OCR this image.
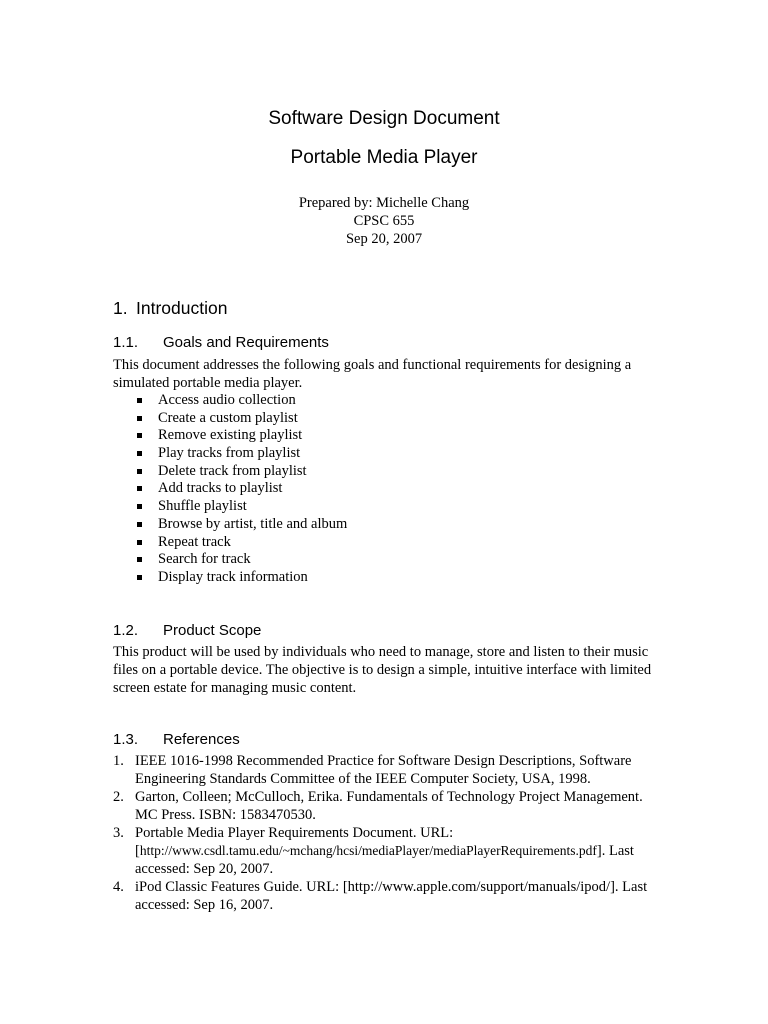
Software Design Document
Portable Media Player
Prepared by: Michelle Chang
CPSC 655
Sep 20, 2007
1. Introduction
1.1. Goals and Requirements
This document addresses the following goals and functional requirements for designing a simulated portable media player.
Access audio collection
Create a custom playlist
Remove existing playlist
Play tracks from playlist
Delete track from playlist
Add tracks to playlist
Shuffle playlist
Browse by artist, title and album
Repeat track
Search for track
Display track information
1.2. Product Scope
This product will be used by individuals who need to manage, store and listen to their music files on a portable device. The objective is to design a simple, intuitive interface with limited screen estate for managing music content.
1.3. References
1. IEEE 1016-1998 Recommended Practice for Software Design Descriptions, Software Engineering Standards Committee of the IEEE Computer Society, USA, 1998.
2. Garton, Colleen; McCulloch, Erika. Fundamentals of Technology Project Management. MC Press. ISBN: 1583470530.
3. Portable Media Player Requirements Document. URL: [http://www.csdl.tamu.edu/~mchang/hcsi/mediaPlayer/mediaPlayerRequirements.pdf]. Last accessed: Sep 20, 2007.
4. iPod Classic Features Guide. URL: [http://www.apple.com/support/manuals/ipod/]. Last accessed: Sep 16, 2007.
